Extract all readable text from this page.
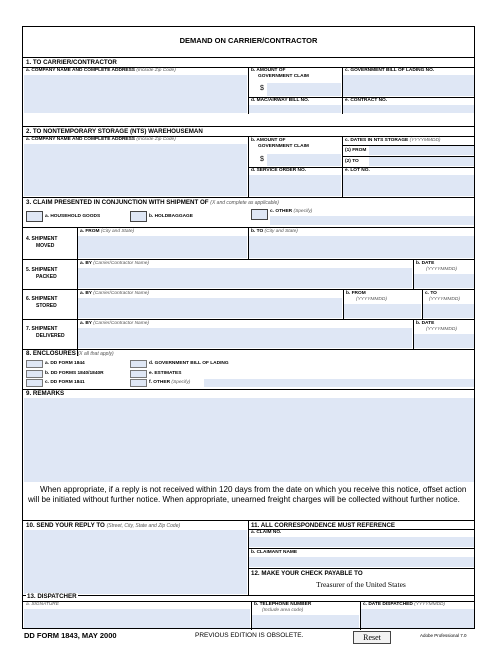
DEMAND ON CARRIER/CONTRACTOR
1. TO CARRIER/CONTRACTOR
a. COMPANY NAME AND COMPLETE ADDRESS (Include Zip Code)	b. AMOUNT OF
GOVERNMENT CLAIM
$
c. GOVERNMENT BILL OF LADING NO.
d. MAC/AIRWAY BILL NO.	e. CONTRACT NO.
2. TO NONTEMPORARY STORAGE (NTS) WAREHOUSEMAN
a. COMPANY NAME AND COMPLETE ADDRESS (Include Zip Code)	b. AMOUNT OF
GOVERNMENT CLAIM
$
c. DATES IN NTS STORAGE (YYYYMMDD)
(1) FROM
(2) TO
d. SERVICE ORDER NO.	e. LOT NO.
3. CLAIM PRESENTED IN CONJUNCTION WITH SHIPMENT OF (X and complete as applicable)
a. HOUSEHOLD GOODS	b. HOLDBAGGAGE
c. OTHER (Specify)
4. SHIPMENT
MOVED
a. FROM (City and State)	b. TO (City and State)
5. SHIPMENT
PACKED
a. BY (Carrier/Contractor Name)	b. DATE
(YYYYMMDD)
6. SHIPMENT
STORED
a. BY (Carrier/Contractor Name)	b. FROM
(YYYYMMDD)
c. TO
(YYYYMMDD)
7. SHIPMENT
DELIVERED
a. BY (Carrier/Contractor Name)	b. DATE
(YYYYMMDD)
8. ENCLOSURES (X all that apply)
a. DD FORM 1844
b. DD FORMS 1840/1840R
c. DD FORM 1841
d. GOVERNMENT BILL OF LADING
e. ESTIMATES
f. OTHER (Specify)
9. REMARKS
When appropriate, if a reply is not received within 120 days from the date on which you receive this notice, offset action will be initiated without further notice. When appropriate, unearned freight charges will be collected without further notice.
10. SEND YOUR REPLY TO (Street, City, State and Zip Code)	11. ALL CORRESPONDENCE MUST REFERENCE
a. CLAIM NO.
b. CLAIMANT NAME
12. MAKE YOUR CHECK PAYABLE TO
Treasurer of the United States
13. DISPATCHER
a. SIGNATURE	b. TELEPHONE NUMBER
(Include area code)
c. DATE DISPATCHED (YYYYMMDD)
DD FORM 1843, MAY 2000	PREVIOUS EDITION IS OBSOLETE.	Reset	Adobe Professional 7.0
